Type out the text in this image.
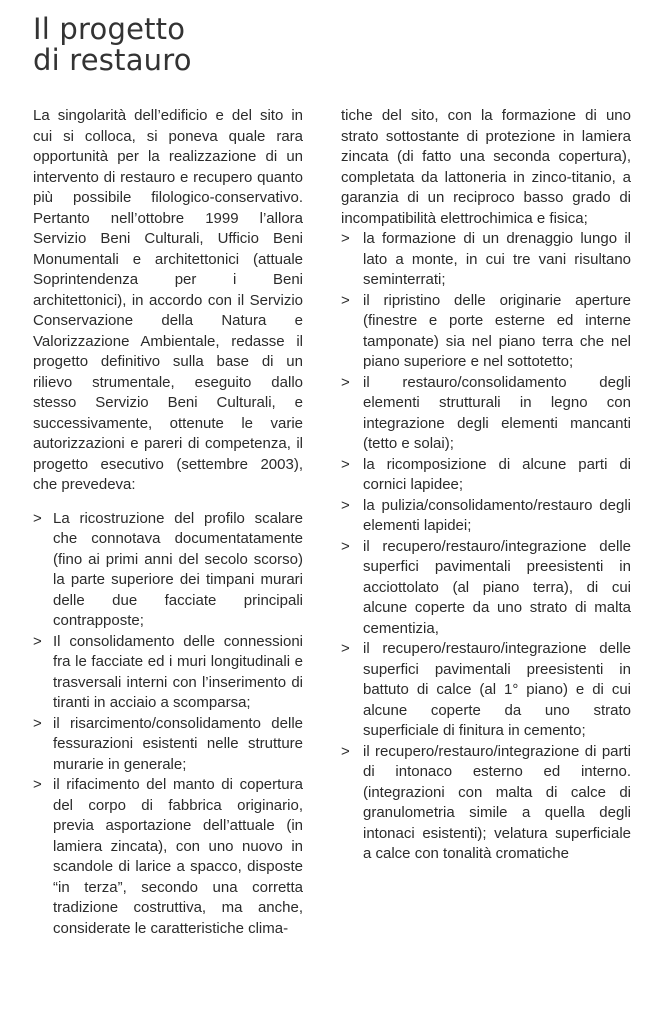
Il progetto
di restauro

La singolarità dell’edificio e del sito in cui si colloca, si poneva quale rara opportunità per la realizzazione di un intervento di restauro e recupero quanto più possibile filologico-conservativo. Pertanto nell’ottobre 1999 l’allora Servizio Beni Culturali, Ufficio Beni Monumentali e architettonici (attuale Soprintendenza per i Beni architettonici), in accordo con il Servizio Conservazione della Natura e Valorizzazione Ambientale, redasse il progetto definitivo sulla base di un rilievo strumentale, eseguito dallo stesso Servizio Beni Culturali, e successivamente, ottenute le varie autorizzazioni e pareri di competenza, il progetto esecutivo (settembre 2003), che prevedeva:

> La ricostruzione del profilo scalare che connotava documentatamente (fino ai primi anni del secolo scorso) la parte superiore dei timpani murari delle due facciate principali contrapposte;
> Il consolidamento delle connessioni fra le facciate ed i muri longitudinali e trasversali interni con l’inserimento di tiranti in acciaio a scomparsa;
> il risarcimento/consolidamento delle fessurazioni esistenti nelle strutture murarie in generale;
> il rifacimento del manto di copertura del corpo di fabbrica originario, previa asportazione dell’attuale (in lamiera zincata), con uno nuovo in scandole di larice a spacco, disposte “in terza”, secondo una corretta tradizione costruttiva, ma anche, considerate le caratteristiche clima-

tiche del sito, con la formazione di uno strato sottostante di protezione in lamiera zincata (di fatto una seconda copertura), completata da lattoneria in zinco-titanio, a garanzia di un reciproco basso grado di incompatibilità elettrochimica e fisica;

> la formazione di un drenaggio lungo il lato a monte, in cui tre vani risultano seminterrati;
> il ripristino delle originarie aperture (finestre e porte esterne ed interne tamponate) sia nel piano terra che nel piano superiore e nel sottotetto;
> il restauro/consolidamento degli elementi strutturali in legno con integrazione degli elementi mancanti (tetto e solai);
> la ricomposizione di alcune parti di cornici lapidee;
> la pulizia/consolidamento/restauro degli elementi lapidei;
> il recupero/restauro/integrazione delle superfici pavimentali preesistenti in acciottolato (al piano terra), di cui alcune coperte da uno strato di malta cementizia,
> il recupero/restauro/integrazione delle superfici pavimentali preesistenti in battuto di calce (al 1° piano) e di cui alcune coperte da uno strato superficiale di finitura in cemento;
> il recupero/restauro/integrazione di parti di intonaco esterno ed interno. (integrazioni con malta di calce di granulometria simile a quella degli intonaci esistenti); velatura superficiale a calce con tonalità cromatiche
